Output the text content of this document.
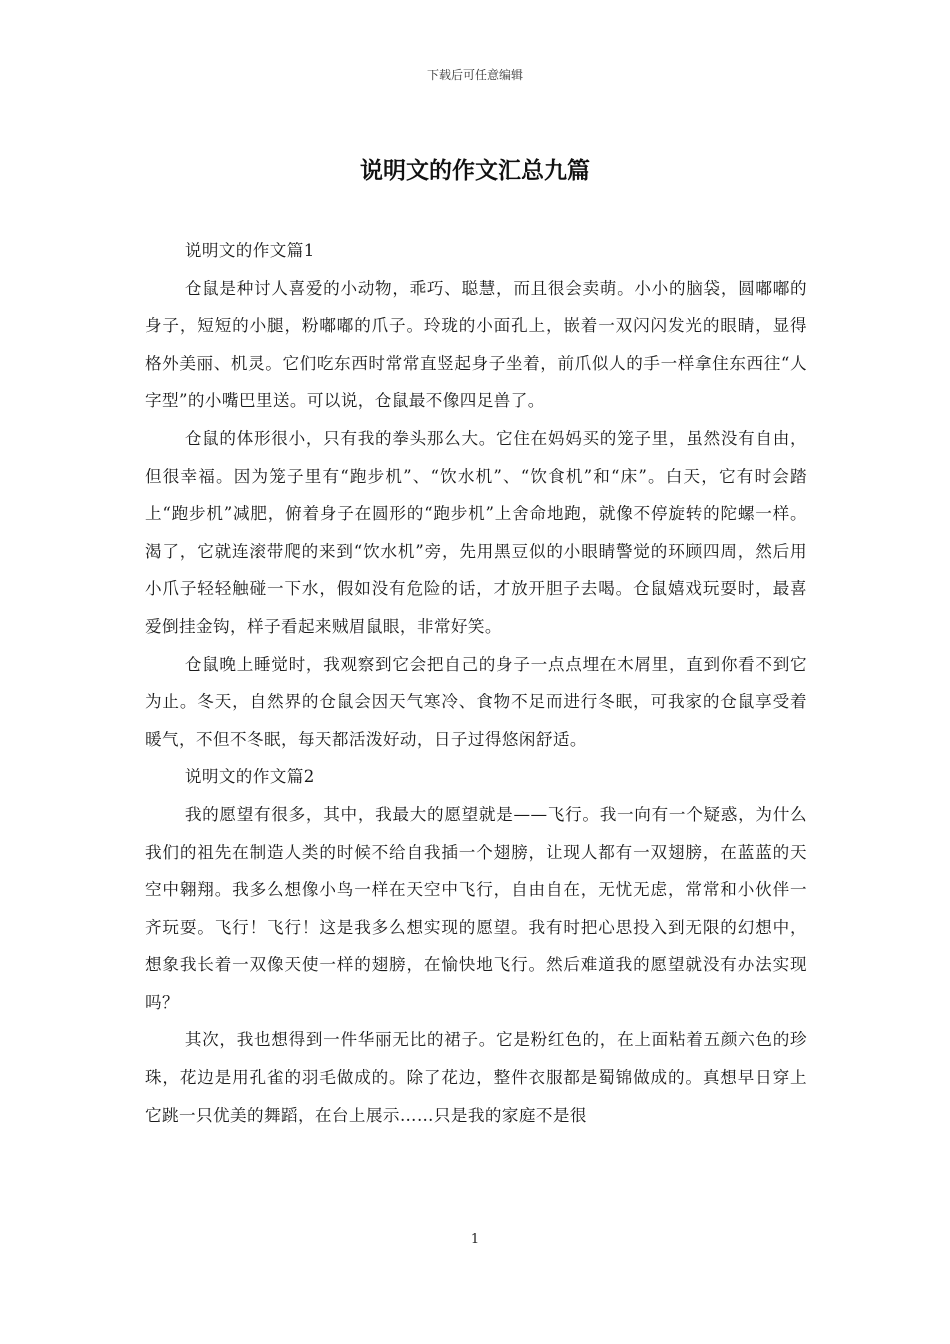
下载后可任意编辑
说明文的作文汇总九篇

说明文的作文篇1

仓鼠是种讨人喜爱的小动物，乖巧、聪慧，而且很会卖萌。小小的脑袋，圆嘟嘟的身子，短短的小腿，粉嘟嘟的爪子。玲珑的小面孔上，嵌着一双闪闪发光的眼睛，显得格外美丽、机灵。它们吃东西时常常直竖起身子坐着，前爪似人的手一样拿住东西往“人字型”的小嘴巴里送。可以说，仓鼠最不像四足兽了。

仓鼠的体形很小，只有我的拳头那么大。它住在妈妈买的笼子里，虽然没有自由，但很幸福。因为笼子里有“跑步机”、“饮水机”、“饮食机”和“床”。白天，它有时会踏上“跑步机”减肥，俯着身子在圆形的“跑步机”上舍命地跑，就像不停旋转的陀螺一样。渴了，它就连滚带爬的来到“饮水机”旁，先用黑豆似的小眼睛警觉的环顾四周，然后用小爪子轻轻触碰一下水，假如没有危险的话，才放开胆子去喝。仓鼠嬉戏玩耍时，最喜爱倒挂金钩，样子看起来贼眉鼠眼，非常好笑。

仓鼠晚上睡觉时，我观察到它会把自己的身子一点点埋在木屑里，直到你看不到它为止。冬天，自然界的仓鼠会因天气寒冷、食物不足而进行冬眠，可我家的仓鼠享受着暖气，不但不冬眠，每天都活泼好动，日子过得悠闲舒适。

说明文的作文篇2

我的愿望有很多，其中，我最大的愿望就是——飞行。我一向有一个疑惑，为什么我们的祖先在制造人类的时候不给自我插一个翅膀，让现人都有一双翅膀，在蓝蓝的天空中翱翔。我多么想像小鸟一样在天空中飞行，自由自在，无忧无虑，常常和小伙伴一齐玩耍。飞行！飞行！这是我多么想实现的愿望。我有时把心思投入到无限的幻想中，想象我长着一双像天使一样的翅膀，在愉快地飞行。然后难道我的愿望就没有办法实现吗？

其次，我也想得到一件华丽无比的裙子。它是粉红色的，在上面粘着五颜六色的珍珠，花边是用孔雀的羽毛做成的。除了花边，整件衣服都是蜀锦做成的。真想早日穿上它跳一只优美的舞蹈，在台上展示……只是我的家庭不是很

1
